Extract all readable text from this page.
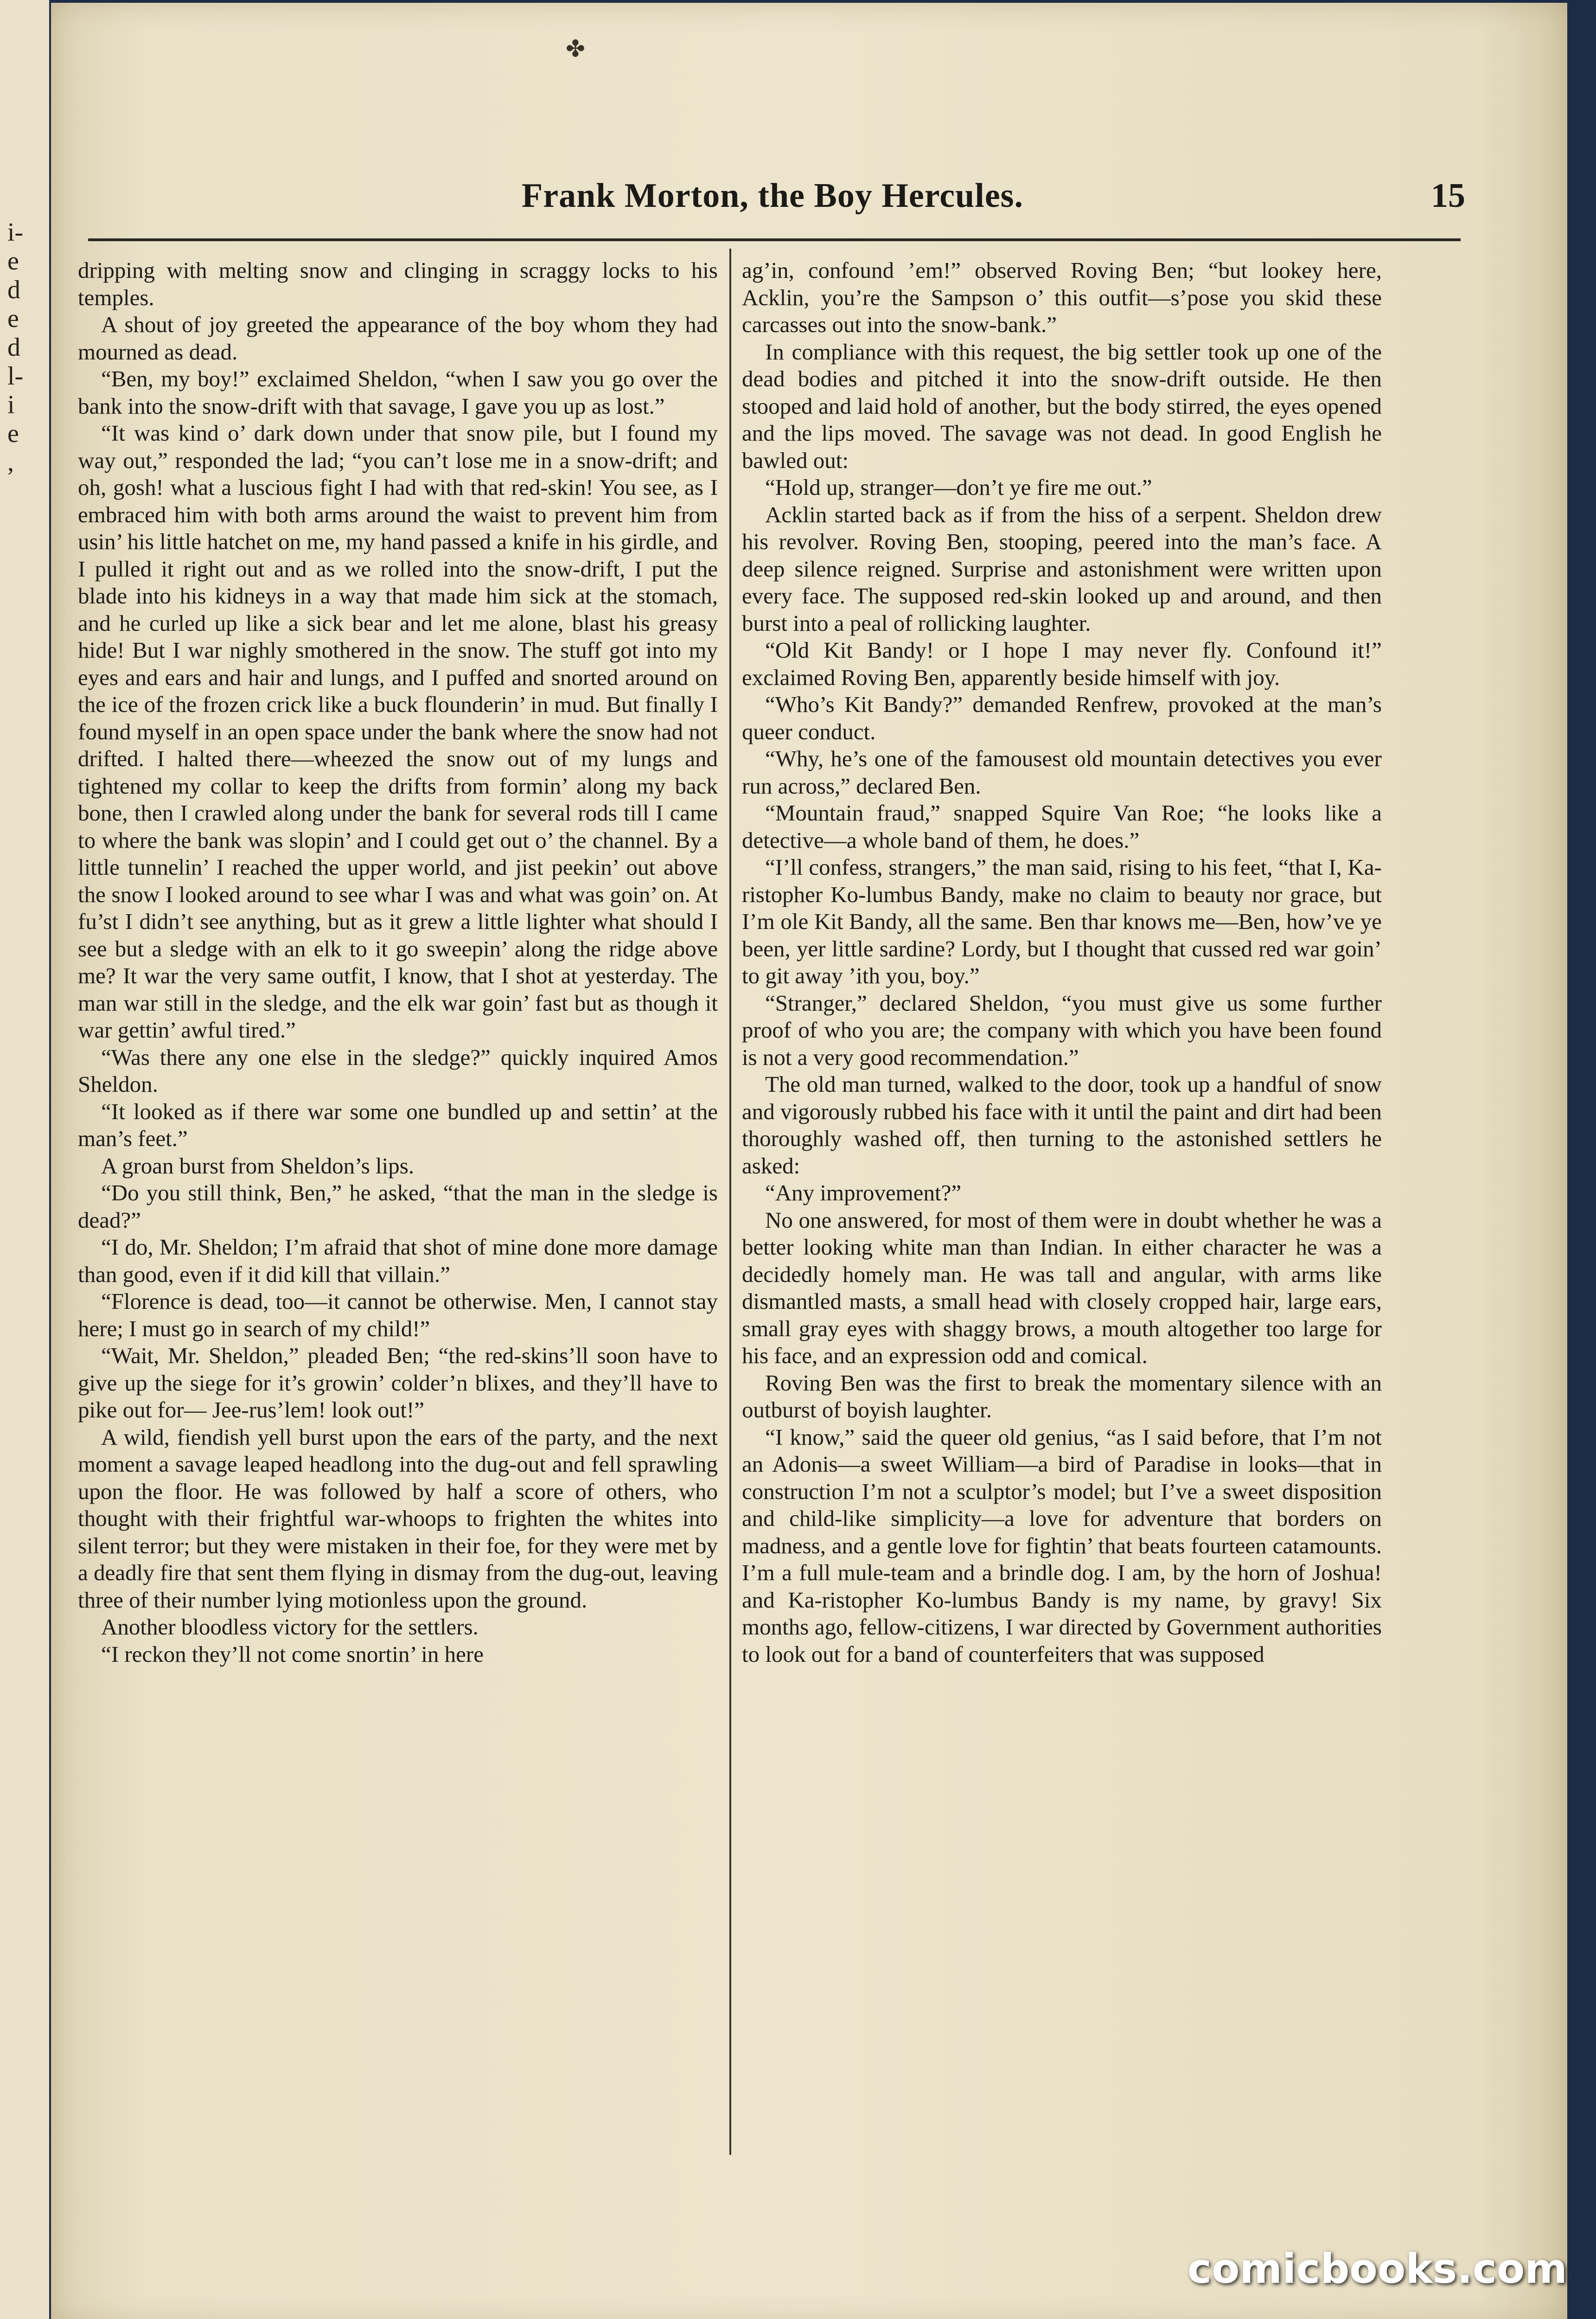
i-
e
d
e
d
l-
i
e
,
✤
Frank Morton, the Boy Hercules.	15

dripping with melting snow and clinging in scraggy locks to his temples.

A shout of joy greeted the appearance of the boy whom they had mourned as dead.

“Ben, my boy!” exclaimed Sheldon, “when I saw you go over the bank into the snow-drift with that savage, I gave you up as lost.”

“It was kind o’ dark down under that snow pile, but I found my way out,” responded the lad; “you can’t lose me in a snow-drift; and oh, gosh! what a luscious fight I had with that red-skin! You see, as I embraced him with both arms around the waist to prevent him from usin’ his little hatchet on me, my hand passed a knife in his girdle, and I pulled it right out and as we rolled into the snow-drift, I put the blade into his kidneys in a way that made him sick at the stomach, and he curled up like a sick bear and let me alone, blast his greasy hide! But I war nighly smothered in the snow. The stuff got into my eyes and ears and hair and lungs, and I puffed and snorted around on the ice of the frozen crick like a buck flounderin’ in mud. But finally I found myself in an open space under the bank where the snow had not drifted. I halted there—wheezed the snow out of my lungs and tightened my collar to keep the drifts from formin’ along my back bone, then I crawled along under the bank for several rods till I came to where the bank was slopin’ and I could get out o’ the channel. By a little tunnelin’ I reached the upper world, and jist peekin’ out above the snow I looked around to see whar I was and what was goin’ on. At fu’st I didn’t see anything, but as it grew a little lighter what should I see but a sledge with an elk to it go sweepin’ along the ridge above me? It war the very same outfit, I know, that I shot at yesterday. The man war still in the sledge, and the elk war goin’ fast but as though it war gettin’ awful tired.”

“Was there any one else in the sledge?” quickly inquired Amos Sheldon.

“It looked as if there war some one bundled up and settin’ at the man’s feet.”

A groan burst from Sheldon’s lips.

“Do you still think, Ben,” he asked, “that the man in the sledge is dead?”

“I do, Mr. Sheldon; I’m afraid that shot of mine done more damage than good, even if it did kill that villain.”

“Florence is dead, too—it cannot be otherwise. Men, I cannot stay here; I must go in search of my child!”

“Wait, Mr. Sheldon,” pleaded Ben; “the red-skins’ll soon have to give up the siege for it’s growin’ colder’n blixes, and they’ll have to pike out for— Jee-rus’lem! look out!”

A wild, fiendish yell burst upon the ears of the party, and the next moment a savage leaped headlong into the dug-out and fell sprawling upon the floor. He was followed by half a score of others, who thought with their frightful war-whoops to frighten the whites into silent terror; but they were mistaken in their foe, for they were met by a deadly fire that sent them flying in dismay from the dug-out, leaving three of their number lying motionless upon the ground.

Another bloodless victory for the settlers.

“I reckon they’ll not come snortin’ in here

ag’in, confound ’em!” observed Roving Ben; “but lookey here, Acklin, you’re the Sampson o’ this outfit—s’pose you skid these carcasses out into the snow-bank.”

In compliance with this request, the big settler took up one of the dead bodies and pitched it into the snow-drift outside. He then stooped and laid hold of another, but the body stirred, the eyes opened and the lips moved. The savage was not dead. In good English he bawled out:

“Hold up, stranger—don’t ye fire me out.”

Acklin started back as if from the hiss of a serpent. Sheldon drew his revolver. Roving Ben, stooping, peered into the man’s face. A deep silence reigned. Surprise and astonishment were written upon every face. The supposed red-skin looked up and around, and then burst into a peal of rollicking laughter.

“Old Kit Bandy! or I hope I may never fly. Confound it!” exclaimed Roving Ben, apparently beside himself with joy.

“Who’s Kit Bandy?” demanded Renfrew, provoked at the man’s queer conduct.

“Why, he’s one of the famousest old mountain detectives you ever run across,” declared Ben.

“Mountain fraud,” snapped Squire Van Roe; “he looks like a detective—a whole band of them, he does.”

“I’ll confess, strangers,” the man said, rising to his feet, “that I, Ka-ristopher Ko-lumbus Bandy, make no claim to beauty nor grace, but I’m ole Kit Bandy, all the same. Ben thar knows me—Ben, how’ve ye been, yer little sardine? Lordy, but I thought that cussed red war goin’ to git away ’ith you, boy.”

“Stranger,” declared Sheldon, “you must give us some further proof of who you are; the company with which you have been found is not a very good recommendation.”

The old man turned, walked to the door, took up a handful of snow and vigorously rubbed his face with it until the paint and dirt had been thoroughly washed off, then turning to the astonished settlers he asked:

“Any improvement?”

No one answered, for most of them were in doubt whether he was a better looking white man than Indian. In either character he was a decidedly homely man. He was tall and angular, with arms like dismantled masts, a small head with closely cropped hair, large ears, small gray eyes with shaggy brows, a mouth altogether too large for his face, and an expression odd and comical.

Roving Ben was the first to break the momentary silence with an outburst of boyish laughter.

“I know,” said the queer old genius, “as I said before, that I’m not an Adonis—a sweet William—a bird of Paradise in looks—that in construction I’m not a sculptor’s model; but I’ve a sweet disposition and child-like simplicity—a love for adventure that borders on madness, and a gentle love for fightin’ that beats fourteen catamounts. I’m a full mule-team and a brindle dog. I am, by the horn of Joshua! and Ka-ristopher Ko-lumbus Bandy is my name, by gravy! Six months ago, fellow-citizens, I war directed by Government authorities to look out for a band of counterfeiters that was supposed

comicbooks.com
